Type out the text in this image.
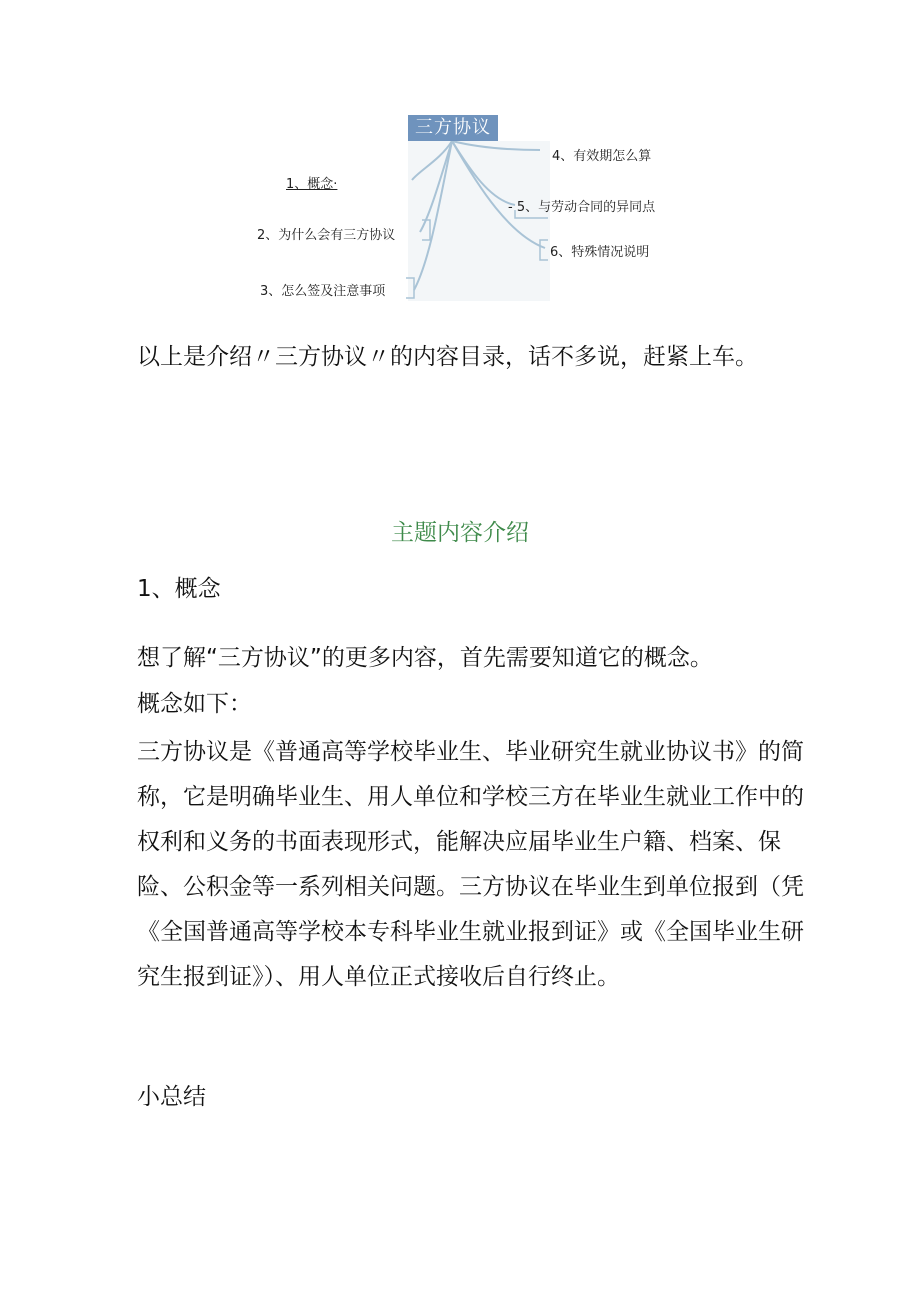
三方协议
1、概念·
2、为什么会有三方协议
3、怎么签及注意事项
4、有效期怎么算
- 5、与劳动合同的异同点
6、特殊情况说明

以上是介绍〃三方协议〃的内容目录，话不多说，赶紧上车。

主题内容介绍
1、概念

想了解“三方协议”的更多内容，首先需要知道它的概念。

概念如下：

三方协议是《普通高等学校毕业生、毕业研究生就业协议书》的简称，它是明确毕业生、用人单位和学校三方在毕业生就业工作中的权利和义务的书面表现形式，能解决应届毕业生户籍、档案、保险、公积金等一系列相关问题。三方协议在毕业生到单位报到（凭《全国普通高等学校本专科毕业生就业报到证》或《全国毕业生研究生报到证》）、用人单位正式接收后自行终止。

小总结
